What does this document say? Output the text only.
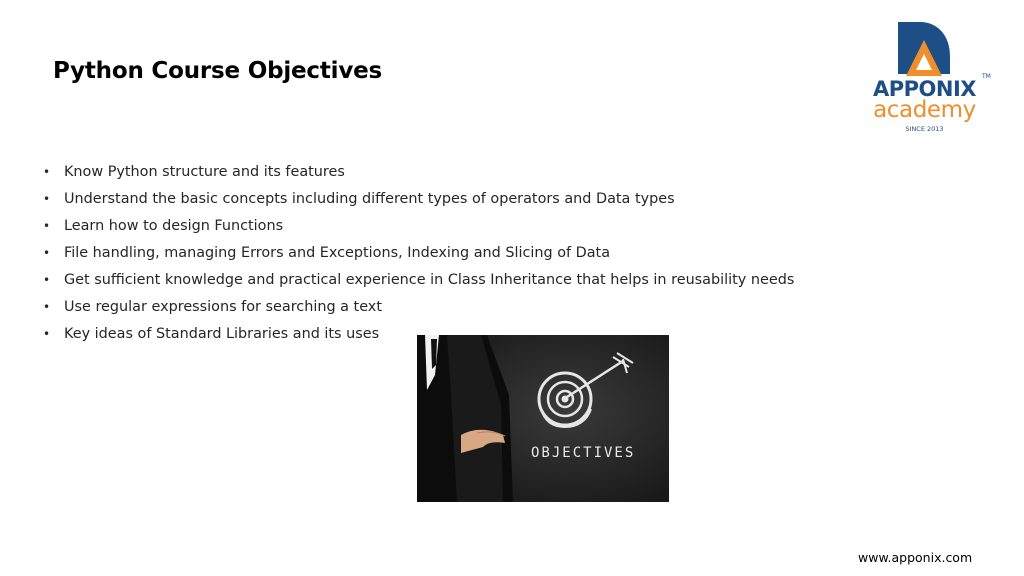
Python Course Objectives
APPONIX
TM
academy
SINCE 2013
• Know Python structure and its features
• Understand the basic concepts including different types of operators and Data types
• Learn how to design Functions
• File handling, managing Errors and Exceptions, Indexing and Slicing of Data
• Get sufficient knowledge and practical experience in Class Inheritance that helps in reusability needs
• Use regular expressions for searching a text
• Key ideas of Standard Libraries and its uses
OBJECTIVES
www.apponix.com
